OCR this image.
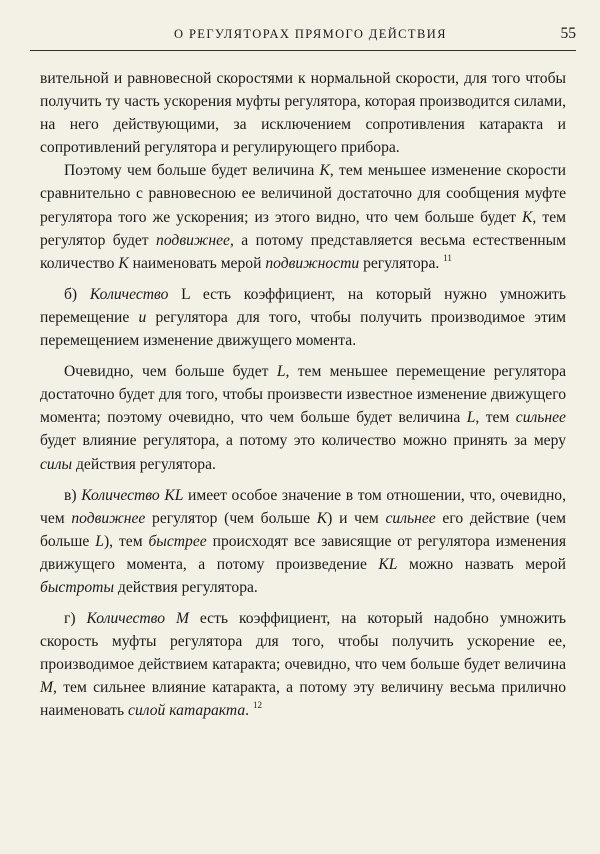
О РЕГУЛЯТОРАХ ПРЯМОГО ДЕЙСТВИЯ	55

вительной и равновесной скоростями к нормальной скорости, для того чтобы получить ту часть ускорения муфты регулятора, которая производится силами, на него действующими, за исключением сопротивления катаракта и сопротивлений регулятора и регулирующего прибора.

Поэтому чем больше будет величина K, тем меньшее изменение скорости сравнительно с равновесною ее величиной достаточно для сообщения муфте регулятора того же ускорения; из этого видно, что чем больше будет K, тем регулятор будет подвижнее, а потому представляется весьма естественным количество K наименовать мерой подвижности регулятора. $^{11}$

б) Количество L есть коэффициент, на который нужно умножить перемещение u регулятора для того, чтобы получить производимое этим перемещением изменение движущего момента.

Очевидно, чем больше будет L, тем меньшее перемещение регулятора достаточно будет для того, чтобы произвести известное изменение движущего момента; поэтому очевидно, что чем больше будет величина L, тем сильнее будет влияние регулятора, а потому это количество можно принять за меру силы действия регулятора.

в) Количество KL имеет особое значение в том отношении, что, очевидно, чем подвижнее регулятор (чем больше K) и чем сильнее его действие (чем больше L), тем быстрее происходят все зависящие от регулятора изменения движущего момента, а потому произведение KL можно назвать мерой быстроты действия регулятора.

г) Количество M есть коэффициент, на который надобно умножить скорость муфты регулятора для того, чтобы получить ускорение ее, производимое действием катаракта; очевидно, что чем больше будет величина M, тем сильнее влияние катаракта, а потому эту величину весьма прилично наименовать силой катаракта. $^{12}$
